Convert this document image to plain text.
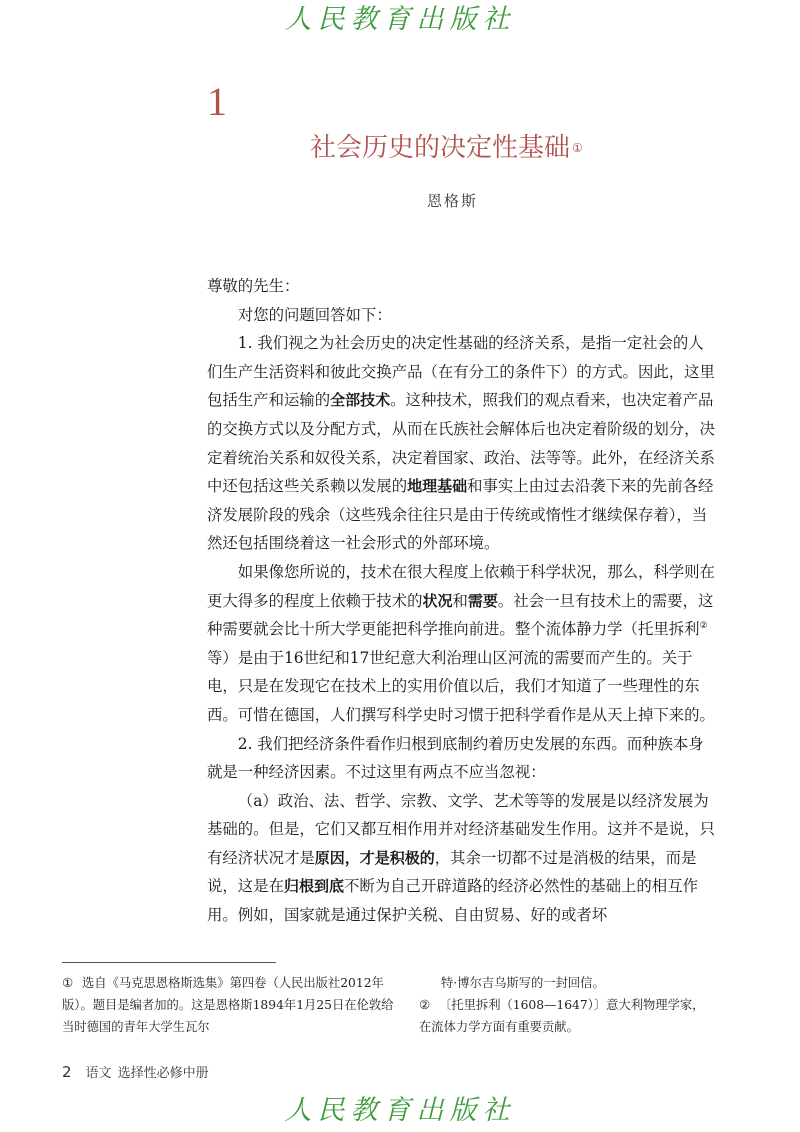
人民教育出版社
1
社会历史的决定性基础 ①
恩格斯

尊敬的先生：

对您的问题回答如下：

1. 我们视之为社会历史的决定性基础的经济关系，是指一定社会的人们生产生活资料和彼此交换产品（在有分工的条件下）的方式。因此，这里包括生产和运输的全部技术。这种技术，照我们的观点看来，也决定着产品的交换方式以及分配方式，从而在氏族社会解体后也决定着阶级的划分，决定着统治关系和奴役关系，决定着国家、政治、法等等。此外，在经济关系中还包括这些关系赖以发展的地理基础和事实上由过去沿袭下来的先前各经济发展阶段的残余（这些残余往往只是由于传统或惰性才继续保存着），当然还包括围绕着这一社会形式的外部环境。

如果像您所说的，技术在很大程度上依赖于科学状况，那么，科学则在更大得多的程度上依赖于技术的状况和需要。社会一旦有技术上的需要，这种需要就会比十所大学更能把科学推向前进。整个流体静力学（托里拆利② 等）是由于16世纪和17世纪意大利治理山区河流的需要而产生的。关于电，只是在发现它在技术上的实用价值以后，我们才知道了一些理性的东西。可惜在德国，人们撰写科学史时习惯于把科学看作是从天上掉下来的。

2. 我们把经济条件看作归根到底制约着历史发展的东西。而种族本身就是一种经济因素。不过这里有两点不应当忽视：

（a）政治、法、哲学、宗教、文学、艺术等等的发展是以经济发展为基础的。但是，它们又都互相作用并对经济基础发生作用。这并不是说，只有经济状况才是原因，才是积极的，其余一切都不过是消极的结果，而是说，这是在归根到底不断为自己开辟道路的经济必然性的基础上的相互作用。例如，国家就是通过保护关税、自由贸易、好的或者坏

① 选自《马克思恩格斯选集》第四卷（人民出版社2012年版）。题目是编者加的。这是恩格斯1894年1月25日在伦敦给当时德国的青年大学生瓦尔
特·博尔吉乌斯写的一封回信。
② 〔托里拆利（1608—1647）〕意大利物理学家，在流体力学方面有重要贡献。
2 语文 选择性必修中册
人民教育出版社
